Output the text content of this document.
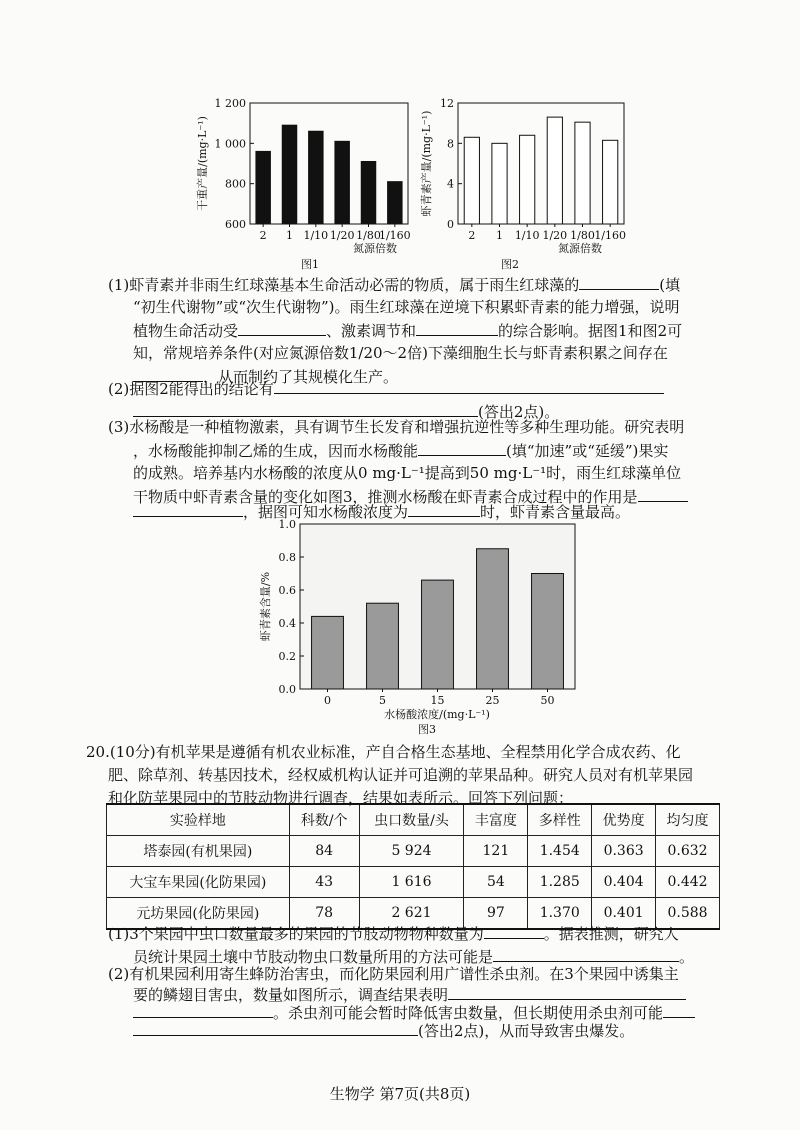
600
800
1 000
1 200
2 1 1/10 1/20 1/80
1/160
氮源倍数
干重产量/(mg·L⁻¹)
图1
0
4
8
12
2 1 1/10 1/20 1/80 1/160
氮源倍数
虾青素产量/(mg·L⁻¹)
图2
(1)虾青素并非雨生红球藻基本生命活动必需的物质，属于雨生红球藻的	(填
“初生代谢物”或“次生代谢物”)。雨生红球藻在逆境下积累虾青素的能力增强，说明
植物生命活动受	、激素调节和	的综合影响。据图1和图2可
知，常规培养条件(对应氮源倍数1/20～2倍)下藻细胞生长与虾青素积累之间存在
，从而制约了其规模化生产。
(2)据图2能得出的结论有
(答出2点)。
(3)水杨酸是一种植物激素，具有调节生长发育和增强抗逆性等多种生理功能。研究表明
，水杨酸能抑制乙烯的生成，因而水杨酸能	(填“加速”或“延缓”)果实
的成熟。培养基内水杨酸的浓度从0 mg·L⁻¹提高到50 mg·L⁻¹时，雨生红球藻单位
干物质中虾青素含量的变化如图3，推测水杨酸在虾青素合成过程中的作用是
，据图可知水杨酸浓度为	时，虾青素含量最高。
0.0
0.2
0.4
0.6
0.8
1.0
0	5	15	25	50
水杨酸浓度/(mg·L⁻¹)
虾青素含量/%
图3
20.(10分)有机苹果是遵循有机农业标准，产自合格生态基地、全程禁用化学合成农药、化
肥、除草剂、转基因技术，经权威机构认证并可追溯的苹果品种。研究人员对有机苹果园
和化防苹果园中的节肢动物进行调查，结果如表所示。回答下列问题：
实验样地	科数/个	虫口数量/头	丰富度	多样性	优势度	均匀度
塔泰园(有机果园)	84	5 924	121	1.454	0.363	0.632
大宝车果园(化防果园)	43	1 616	54	1.285	0.404	0.442
元坊果园(化防果园)	78	2 621	97	1.370	0.401	0.588
(1)3个果园中虫口数量最多的果园的节肢动物物种数量为	。据表推测，研究人
员统计果园土壤中节肢动物虫口数量所用的方法可能是	。
(2)有机果园利用寄生蜂防治害虫，而化防果园利用广谱性杀虫剂。在3个果园中诱集主
要的鳞翅目害虫，数量如图所示，调查结果表明
。杀虫剂可能会暂时降低害虫数量，但长期使用杀虫剂可能
(答出2点)，从而导致害虫爆发。
生物学 第7页(共8页)
